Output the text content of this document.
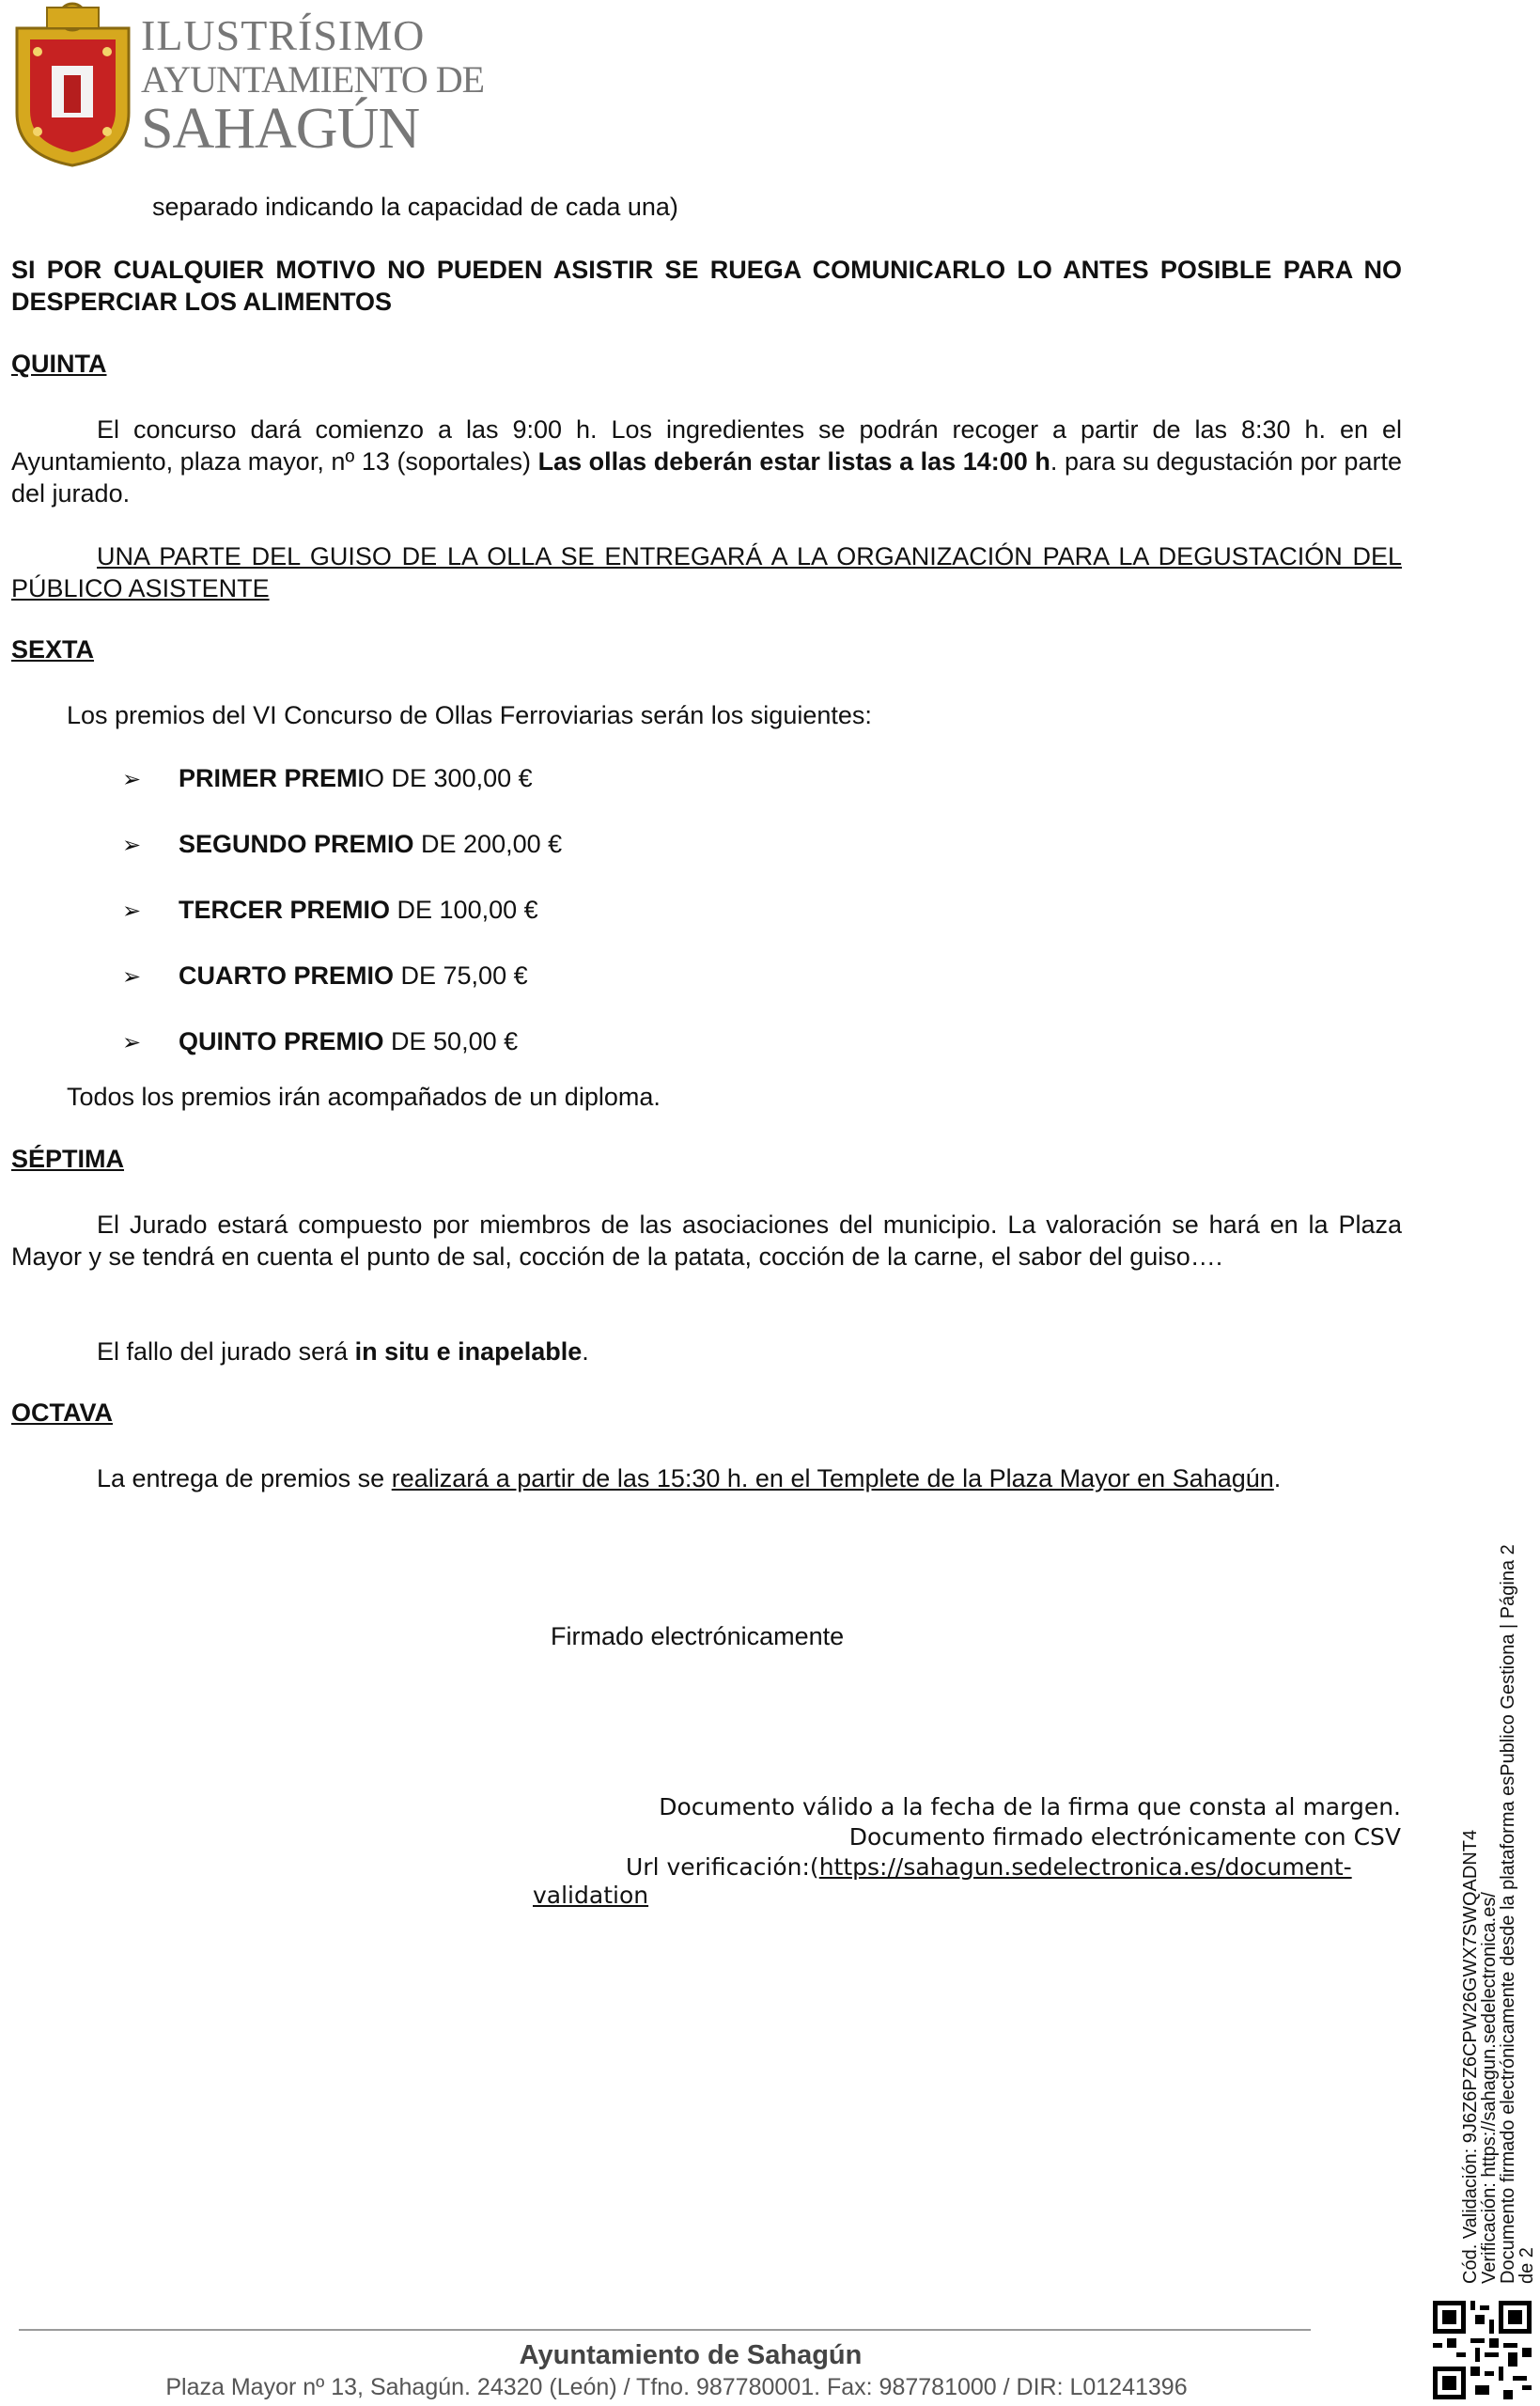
ILUSTRÍSIMO
AYUNTAMIENTO DE
SAHAGÚN
separado indicando la capacidad de cada una)
SI POR CUALQUIER MOTIVO NO PUEDEN ASISTIR SE RUEGA COMUNICARLO LO ANTES POSIBLE PARA NO DESPERCIAR LOS ALIMENTOS
QUINTA
El concurso dará comienzo a las 9:00 h. Los ingredientes se podrán recoger a partir de las 8:30 h. en el Ayuntamiento, plaza mayor, nº 13 (soportales) Las ollas deberán estar listas a las 14:00 h. para su degustación por parte del jurado.
UNA PARTE DEL GUISO DE LA OLLA SE ENTREGARÁ A LA ORGANIZACIÓN PARA LA DEGUSTACIÓN DEL PÚBLICO ASISTENTE
SEXTA
Los premios del VI Concurso de Ollas Ferroviarias serán los siguientes:
➢ PRIMER PREMIO DE 300,00 €
➢ SEGUNDO PREMIO DE 200,00 €
➢ TERCER PREMIO DE 100,00 €
➢ CUARTO PREMIO DE 75,00 €
➢ QUINTO PREMIO DE 50,00 €
Todos los premios irán acompañados de un diploma.
SÉPTIMA
El Jurado estará compuesto por miembros de las asociaciones del municipio. La valoración se hará en la Plaza Mayor y se tendrá en cuenta el punto de sal, cocción de la patata, cocción de la carne, el sabor del guiso….
El fallo del jurado será in situ e inapelable.
OCTAVA
La entrega de premios se realizará a partir de las 15:30 h. en el Templete de la Plaza Mayor en Sahagún.
Firmado electrónicamente
Documento válido a la fecha de la firma que consta al margen.
Documento firmado electrónicamente con CSV
Url verificación:(https://sahagun.sedelectronica.es/document-
validation	Cód. Validación: 9J6Z6PZ6CPW26GWX7SWQADNT4
Verificación: https://sahagun.sedelectronica.es/
Documento firmado electrónicamente desde la plataforma esPublico Gestiona | Página 2 de 2
Ayuntamiento de Sahagún
Plaza Mayor nº 13, Sahagún. 24320 (León) / Tfno. 987780001. Fax: 987781000 / DIR: L01241396
